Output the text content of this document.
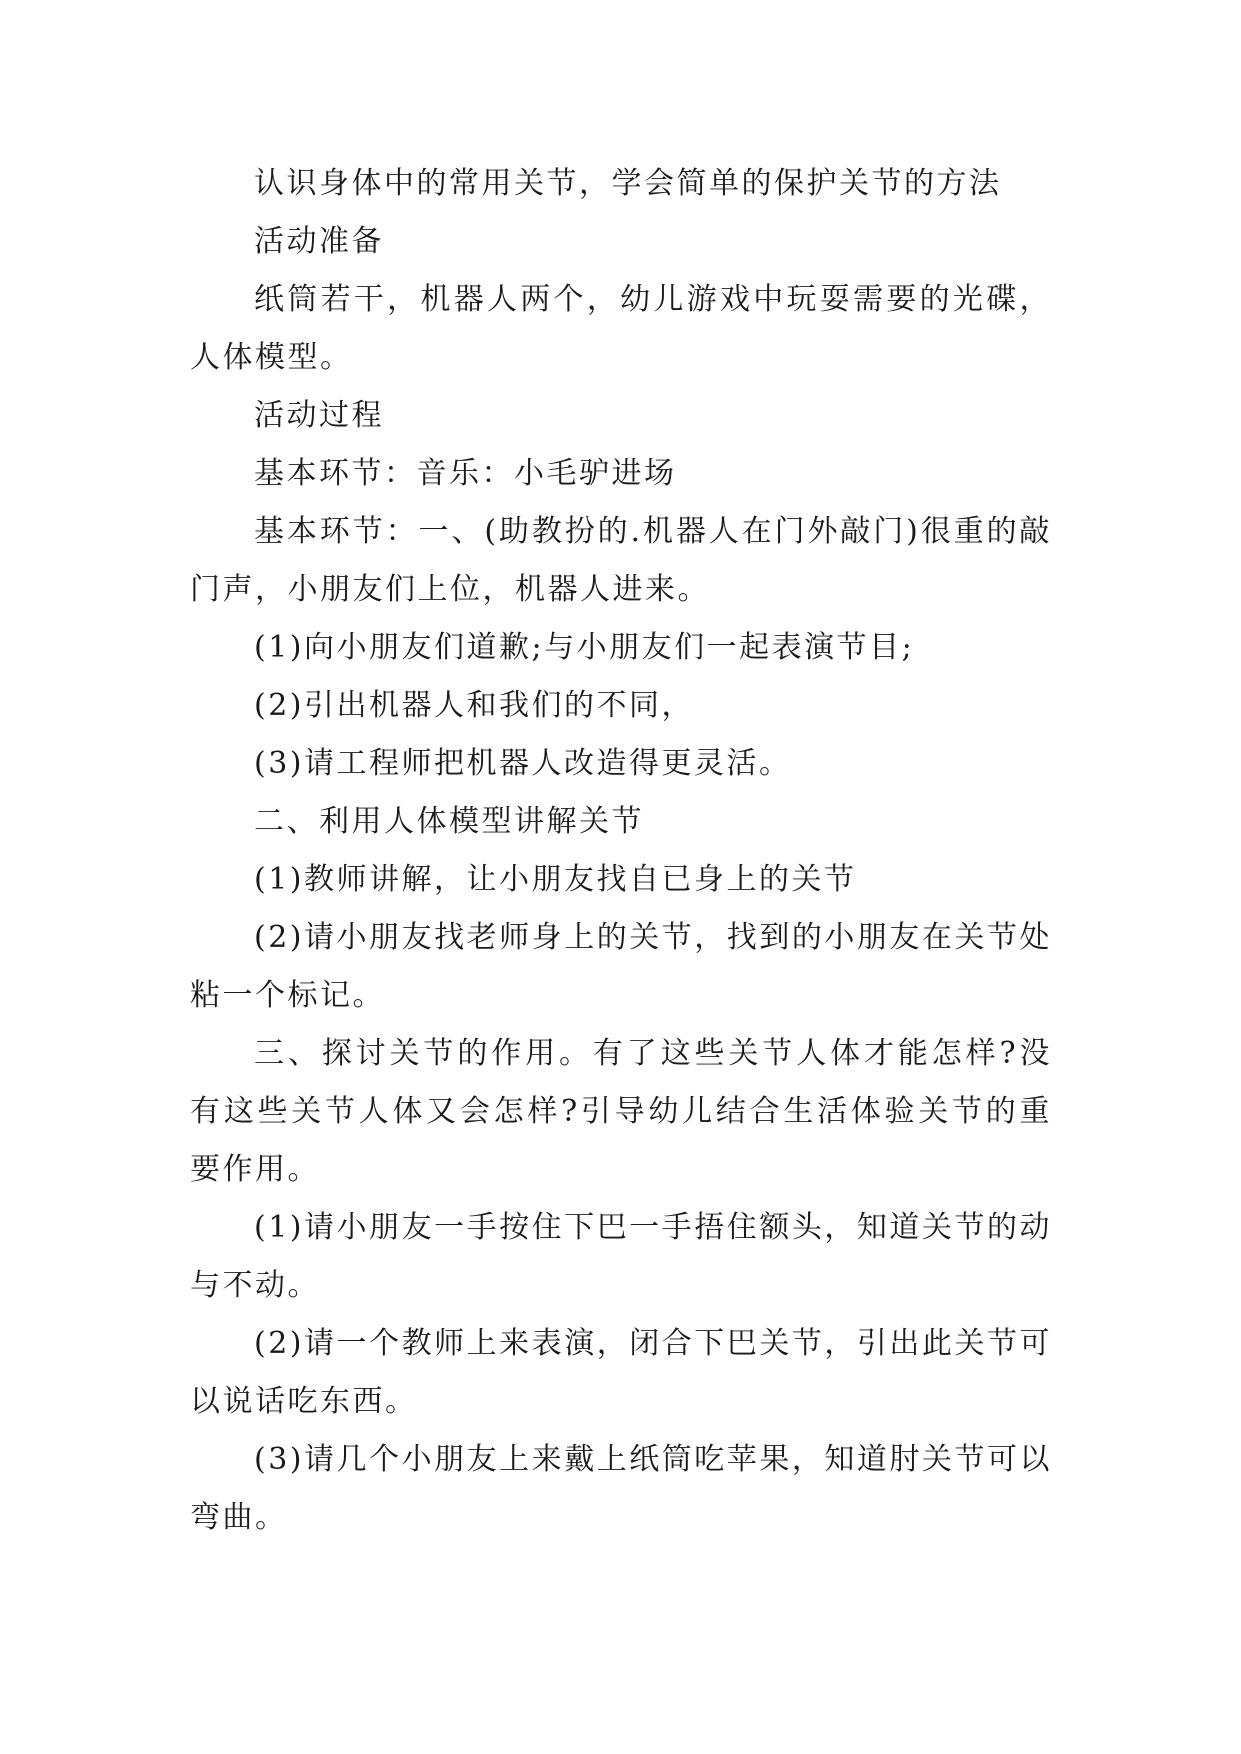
认识身体中的常用关节，学会简单的保护关节的方法

活动准备

纸筒若干，机器人两个，幼儿游戏中玩耍需要的光碟，人体模型。

活动过程

基本环节：音乐：小毛驴进场

基本环节：一、(助教扮的.机器人在门外敲门)很重的敲门声，小朋友们上位，机器人进来。

(1)向小朋友们道歉;与小朋友们一起表演节目;

(2)引出机器人和我们的不同，

(3)请工程师把机器人改造得更灵活。

二、利用人体模型讲解关节

(1)教师讲解，让小朋友找自已身上的关节

(2)请小朋友找老师身上的关节，找到的小朋友在关节处粘一个标记。

三、探讨关节的作用。有了这些关节人体才能怎样?没有这些关节人体又会怎样?引导幼儿结合生活体验关节的重要作用。

(1)请小朋友一手按住下巴一手捂住额头，知道关节的动与不动。

(2)请一个教师上来表演，闭合下巴关节，引出此关节可以说话吃东西。

(3)请几个小朋友上来戴上纸筒吃苹果，知道肘关节可以弯曲。
